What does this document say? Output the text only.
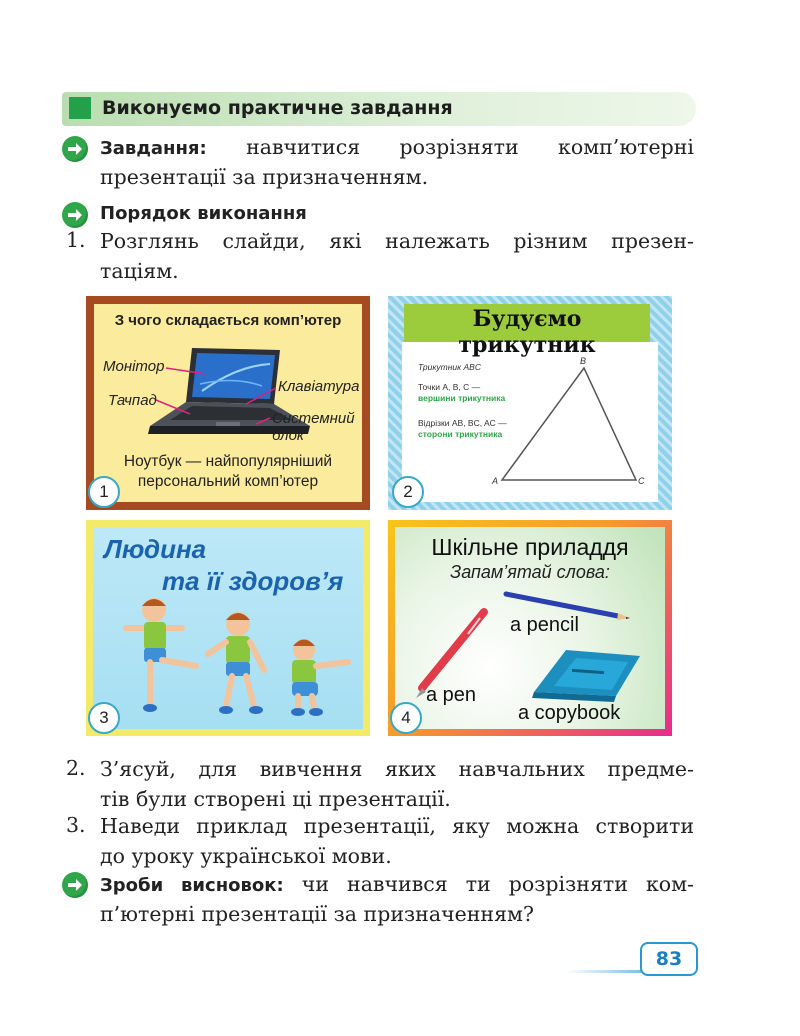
Виконуємо практичне завдання
Завдання: навчитися розрізняти комп’ютерні
презентації за призначенням.
Порядок виконання
1. Розглянь слайди, які належать різним презен-
таціям.
З чого складається комп’ютер
Монітор
Тачпад
Клавіатура
Системний
блок
Ноутбук — найпопулярніший
персональний комп’ютер
1
Будуємо трикутник
Трикутник ABC
Точки A, B, C —
вершини трикутника
Відрізки AB, BC, AC —
сторони трикутника
B
A	C
2
Людина
та її здоров’я
3
Шкільне приладдя
Запам’ятай слова:
a pencil
a pen
a copybook
4
2. З’ясуй, для вивчення яких навчальних предме-
тів були створені ці презентації.
3. Наведи приклад презентації, яку можна створити
до уроку української мови.
Зроби висновок: чи навчився ти розрізняти ком-
п’ютерні презентації за призначенням?
83
